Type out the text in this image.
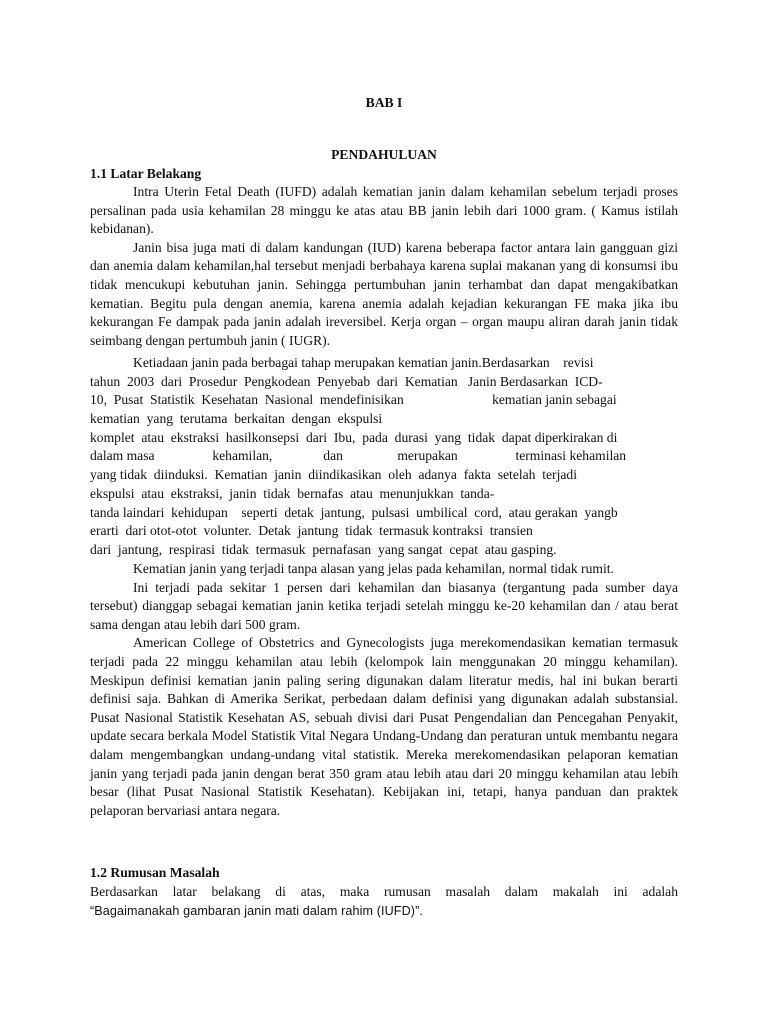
BAB I
PENDAHULUAN
1.1 Latar Belakang

Intra Uterin Fetal Death (IUFD) adalah kematian janin dalam kehamilan sebelum terjadi proses persalinan pada usia kehamilan 28 minggu ke atas atau BB janin lebih dari 1000 gram. ( Kamus istilah kebidanan).

Janin bisa juga mati di dalam kandungan (IUD) karena beberapa factor antara lain gangguan gizi dan anemia dalam kehamilan,hal tersebut menjadi berbahaya karena suplai makanan yang di konsumsi ibu tidak mencukupi kebutuhan janin. Sehingga pertumbuhan janin terhambat dan dapat mengakibatkan kematian. Begitu pula dengan anemia, karena anemia adalah kejadian kekurangan FE maka jika ibu kekurangan Fe dampak pada janin adalah ireversibel. Kerja organ – organ maupu aliran darah janin tidak seimbang dengan pertumbuh janin ( IUGR).

Ketiadaan janin pada berbagai tahap merupakan kematian janin.Berdasarkan    revisi
tahun  2003  dari  Prosedur  Pengkodean  Penyebab  dari  Kematian   Janin Berdasarkan  ICD-
10,  Pusat  Statistik  Kesehatan  Nasional  mendefinisikan                          kematian janin sebagai
kematian  yang  terutama  berkaitan  dengan  ekspulsi
komplet  atau  ekstraksi  hasilkonsepsi  dari  Ibu,  pada  durasi  yang  tidak  dapat diperkirakan di
dalam masa                 kehamilan,               dan                merupakan                 terminasi kehamilan
yang tidak  diinduksi.  Kematian  janin  diindikasikan  oleh  adanya  fakta  setelah  terjadi
ekspulsi  atau  ekstraksi,  janin  tidak  bernafas  atau  menunjukkan  tanda-
tanda laindari  kehidupan    seperti  detak  jantung,  pulsasi  umbilical  cord,  atau gerakan  yangb
erarti  dari otot-otot  volunter.  Detak  jantung  tidak  termasuk kontraksi  transien
dari  jantung,  respirasi  tidak  termasuk  pernafasan  yang sangat  cepat  atau gasping.

Kematian janin yang terjadi tanpa alasan yang jelas pada kehamilan, normal tidak rumit.

Ini terjadi pada sekitar 1 persen dari kehamilan dan biasanya (tergantung pada sumber daya tersebut) dianggap sebagai kematian janin ketika terjadi setelah minggu ke-20 kehamilan dan / atau berat sama dengan atau lebih dari 500 gram.

American College of Obstetrics and Gynecologists juga merekomendasikan kematian termasuk terjadi pada 22 minggu kehamilan atau lebih (kelompok lain menggunakan 20 minggu kehamilan). Meskipun definisi kematian janin paling sering digunakan dalam literatur medis, hal ini bukan berarti definisi saja. Bahkan di Amerika Serikat, perbedaan dalam definisi yang digunakan adalah substansial. Pusat Nasional Statistik Kesehatan AS, sebuah divisi dari Pusat Pengendalian dan Pencegahan Penyakit, update secara berkala Model Statistik Vital Negara Undang-Undang dan peraturan untuk membantu negara dalam mengembangkan undang-undang vital statistik. Mereka merekomendasikan pelaporan kematian janin yang terjadi pada janin dengan berat 350 gram atau lebih atau dari 20 minggu kehamilan atau lebih besar (lihat Pusat Nasional Statistik Kesehatan). Kebijakan ini, tetapi, hanya panduan dan praktek pelaporan bervariasi antara negara.

1.2 Rumusan Masalah

Berdasarkan latar belakang di atas, maka rumusan masalah dalam makalah ini adalah

“Bagaimanakah gambaran janin mati dalam rahim (IUFD)”.
